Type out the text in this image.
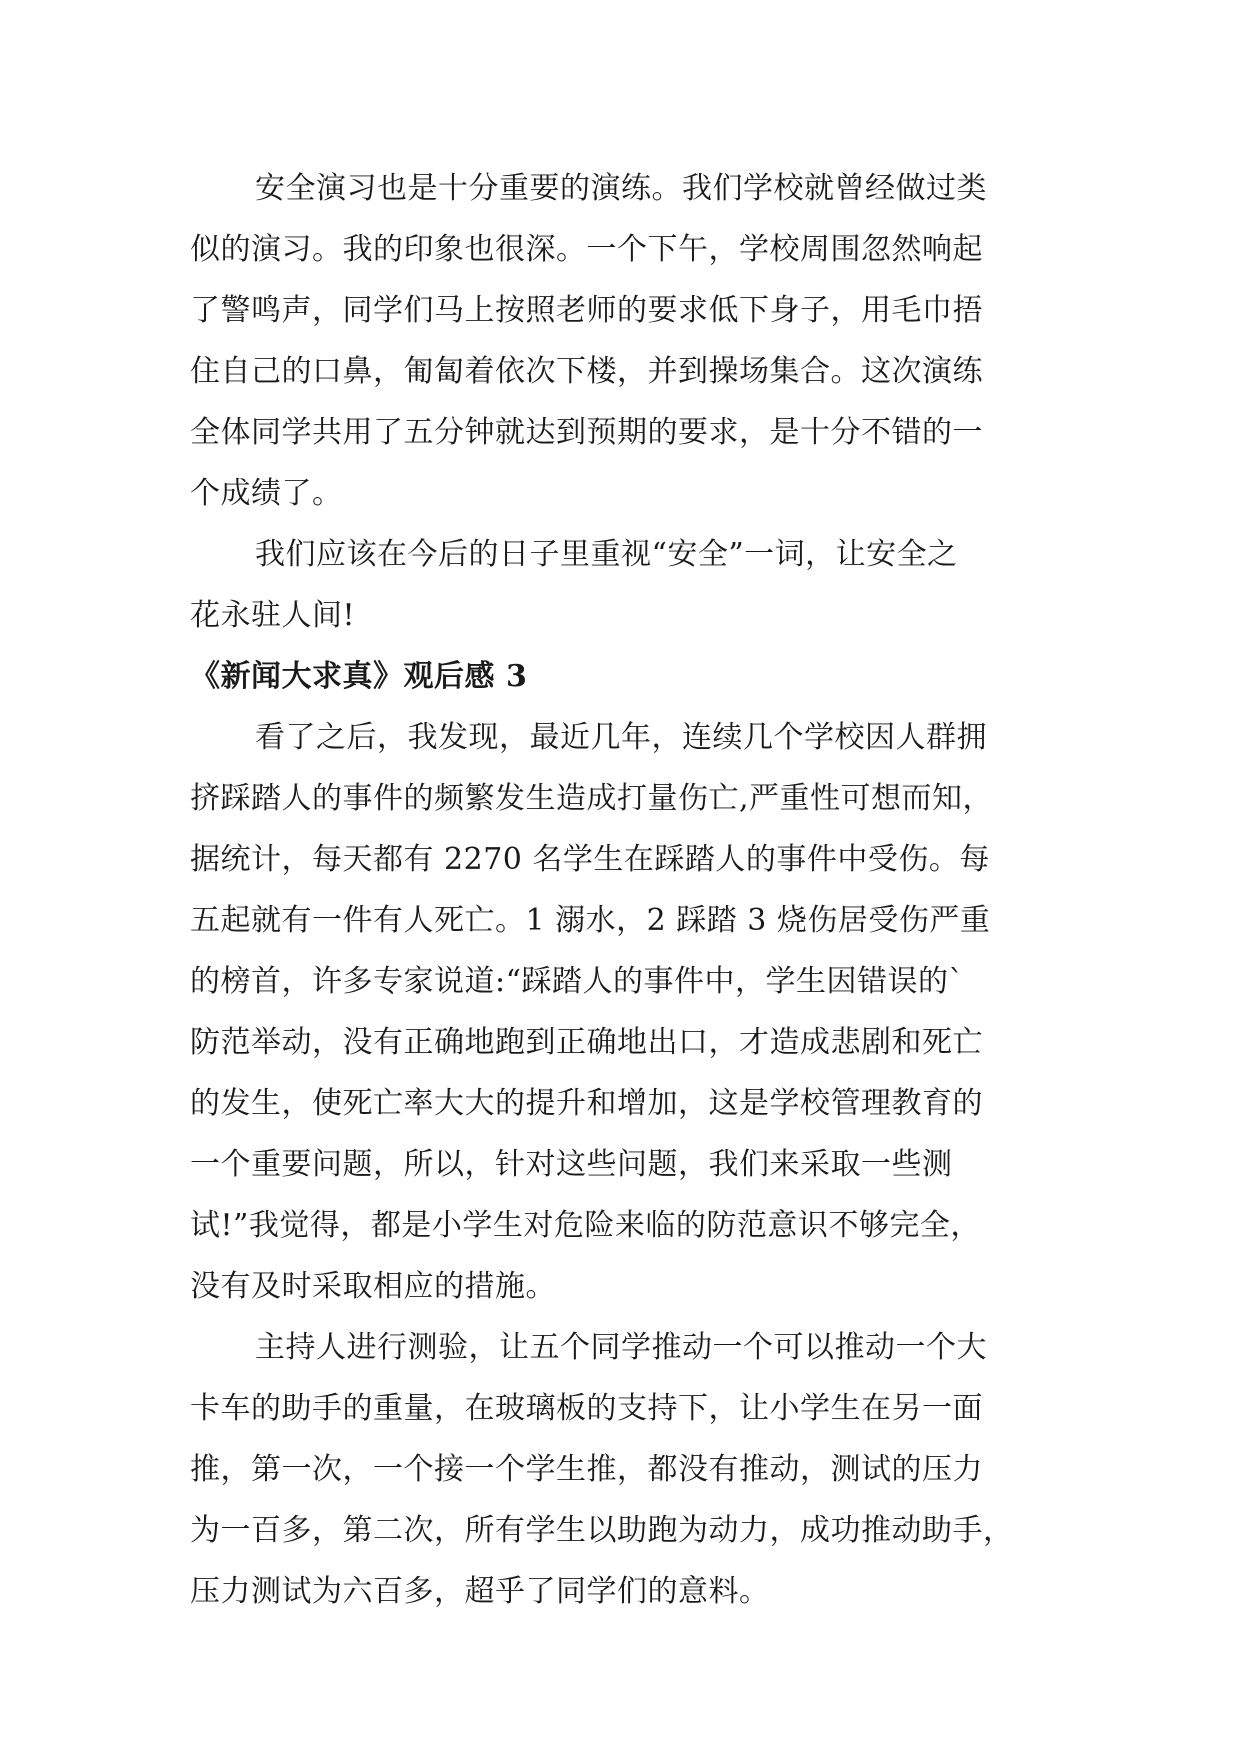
安全演习也是十分重要的演练。我们学校就曾经做过类
似的演习。我的印象也很深。一个下午，学校周围忽然响起
了警鸣声，同学们马上按照老师的要求低下身子，用毛巾捂
住自己的口鼻，匍匐着依次下楼，并到操场集合。这次演练
全体同学共用了五分钟就达到预期的要求，是十分不错的一
个成绩了。

我们应该在今后的日子里重视“安全”一词，让安全之
花永驻人间!

《新闻大求真》观后感 3

看了之后，我发现，最近几年，连续几个学校因人群拥
挤踩踏人的事件的频繁发生造成打量伤亡,严重性可想而知，
据统计，每天都有 2270 名学生在踩踏人的事件中受伤。每
五起就有一件有人死亡。1 溺水，2 踩踏 3 烧伤居受伤严重
的榜首，许多专家说道:“踩踏人的事件中，学生因错误的`
防范举动，没有正确地跑到正确地出口，才造成悲剧和死亡
的发生，使死亡率大大的提升和增加，这是学校管理教育的
一个重要问题，所以，针对这些问题，我们来采取一些测
试!”我觉得，都是小学生对危险来临的防范意识不够完全，
没有及时采取相应的措施。

主持人进行测验，让五个同学推动一个可以推动一个大
卡车的助手的重量，在玻璃板的支持下，让小学生在另一面
推，第一次，一个接一个学生推，都没有推动，测试的压力
为一百多，第二次，所有学生以助跑为动力，成功推动助手，
压力测试为六百多，超乎了同学们的意料。
